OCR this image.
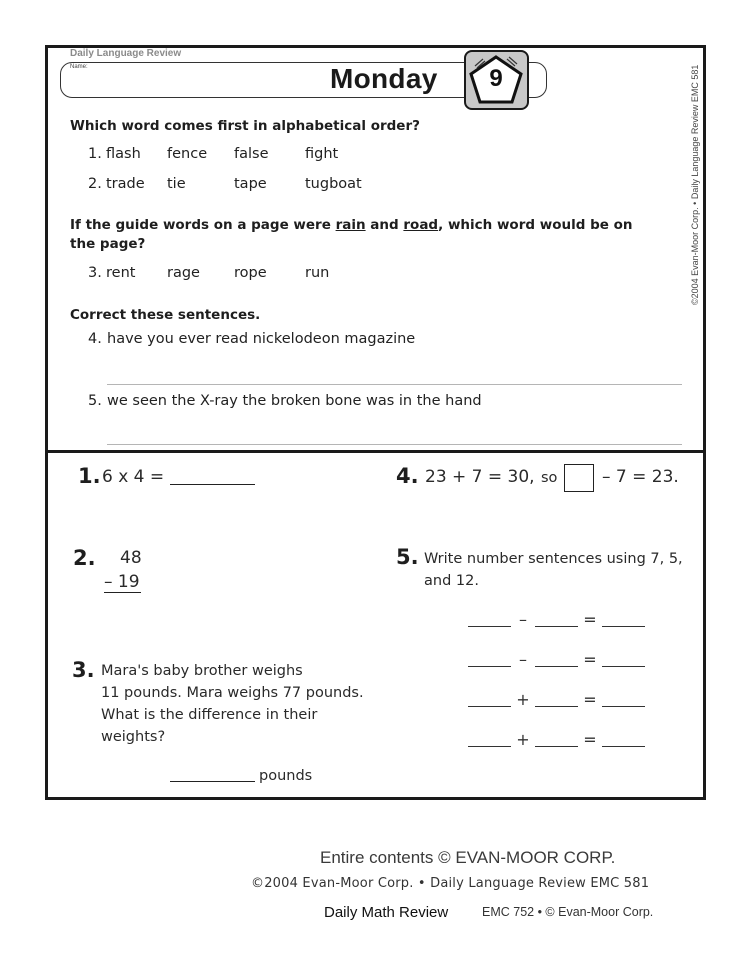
Daily Language Review
Name:	Monday	9	©2004 Evan-Moor Corp. • Daily Language Review EMC 581
Which word comes first in alphabetical order?
1. flash fence false	fight
2. trade tie	tape	tugboat
If the guide words on a page were rain and road, which word would be on
the page?
3. rent rage rope	run
Correct these sentences.
4. have you ever read nickelodeon magazine
5. we seen the X-ray the broken bone was in the hand
1. 6 x 4 =
2. 48
– 19
3. Mara's baby brother weighs
11 pounds. Mara weighs 77 pounds.
What is the difference in their
weights?
pounds
4. 23 + 7 = 30, so	– 7 = 23.
5. Write number sentences using 7, 5,
and 12.
–	=
–	=
+	=
+	=
Entire contents © EVAN-MOOR CORP.
©2004 Evan-Moor Corp. • Daily Language Review EMC 581
Daily Math Review	EMC 752 • © Evan-Moor Corp.
